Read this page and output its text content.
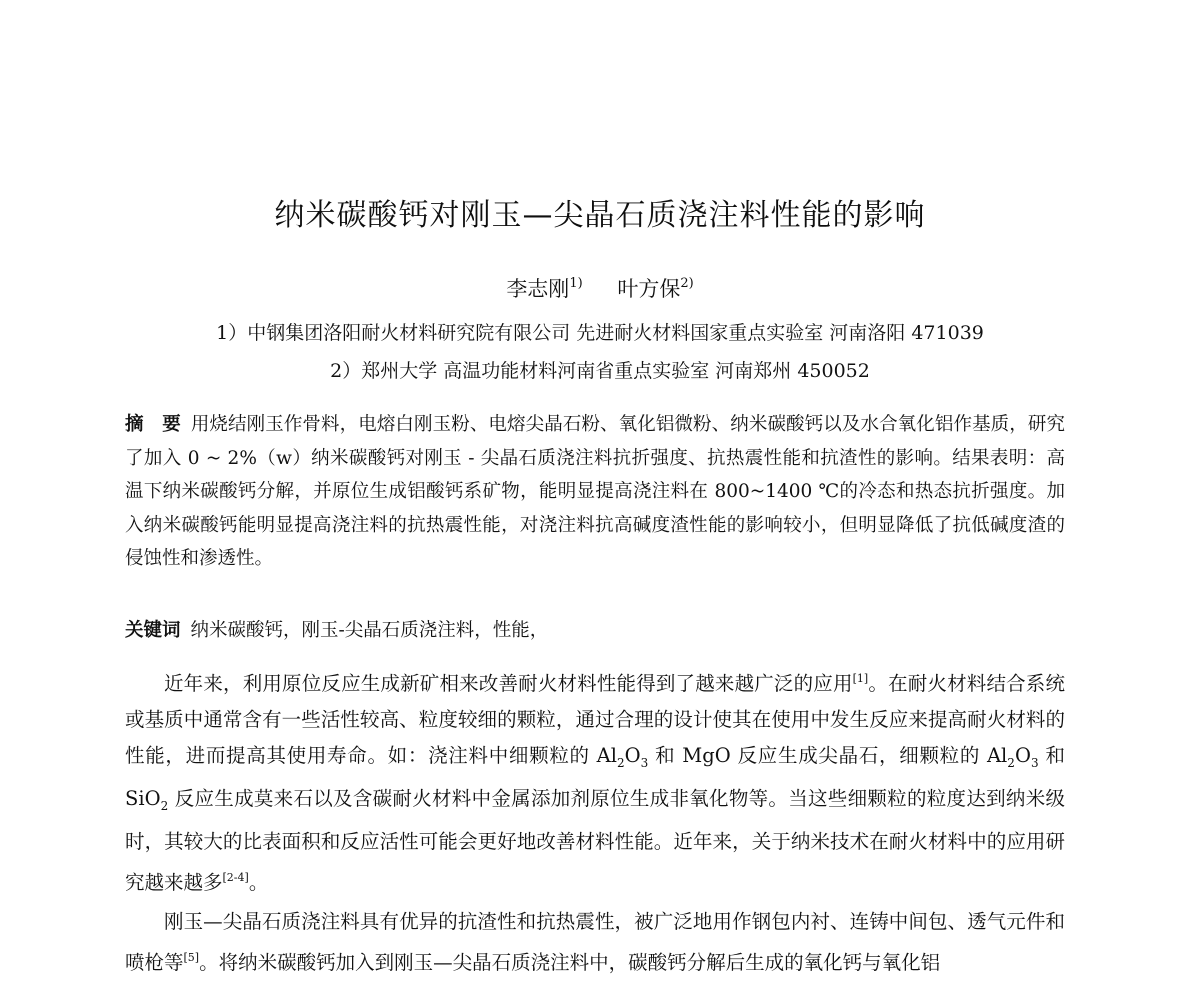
纳米碳酸钙对刚玉—尖晶石质浇注料性能的影响
李志刚$^{1)}$ 叶方保$^{2)}$
1）中钢集团洛阳耐火材料研究院有限公司 先进耐火材料国家重点实验室 河南洛阳 471039
2）郑州大学 高温功能材料河南省重点实验室 河南郑州 450052
摘　要 用烧结刚玉作骨料，电熔白刚玉粉、电熔尖晶石粉、氧化铝微粉、纳米碳酸钙以及水合氧化铝作基质，研究了加入 0 ~ 2%（w）纳米碳酸钙对刚玉 - 尖晶石质浇注料抗折强度、抗热震性能和抗渣性的影响。结果表明：高温下纳米碳酸钙分解，并原位生成铝酸钙系矿物，能明显提高浇注料在 800~1400 ℃的冷态和热态抗折强度。加入纳米碳酸钙能明显提高浇注料的抗热震性能，对浇注料抗高碱度渣性能的影响较小，但明显降低了抗低碱度渣的侵蚀性和渗透性。
关键词 纳米碳酸钙，刚玉-尖晶石质浇注料，性能，

近年来，利用原位反应生成新矿相来改善耐火材料性能得到了越来越广泛的应用[1]。在耐火材料结合系统或基质中通常含有一些活性较高、粒度较细的颗粒，通过合理的设计使其在使用中发生反应来提高耐火材料的性能，进而提高其使用寿命。如：浇注料中细颗粒的 $Al_2O_3$ 和 MgO 反应生成尖晶石，细颗粒的 $Al_2O_3$ 和 SiO$_2$ 反应生成莫来石以及含碳耐火材料中金属添加剂原位生成非氧化物等。当这些细颗粒的粒度达到纳米级时，其较大的比表面积和反应活性可能会更好地改善材料性能。近年来，关于纳米技术在耐火材料中的应用研究越来越多[2-4]。

刚玉—尖晶石质浇注料具有优异的抗渣性和抗热震性，被广泛地用作钢包内衬、连铸中间包、透气元件和喷枪等[5]。将纳米碳酸钙加入到刚玉—尖晶石质浇注料中，碳酸钙分解后生成的氧化钙与氧化铝
